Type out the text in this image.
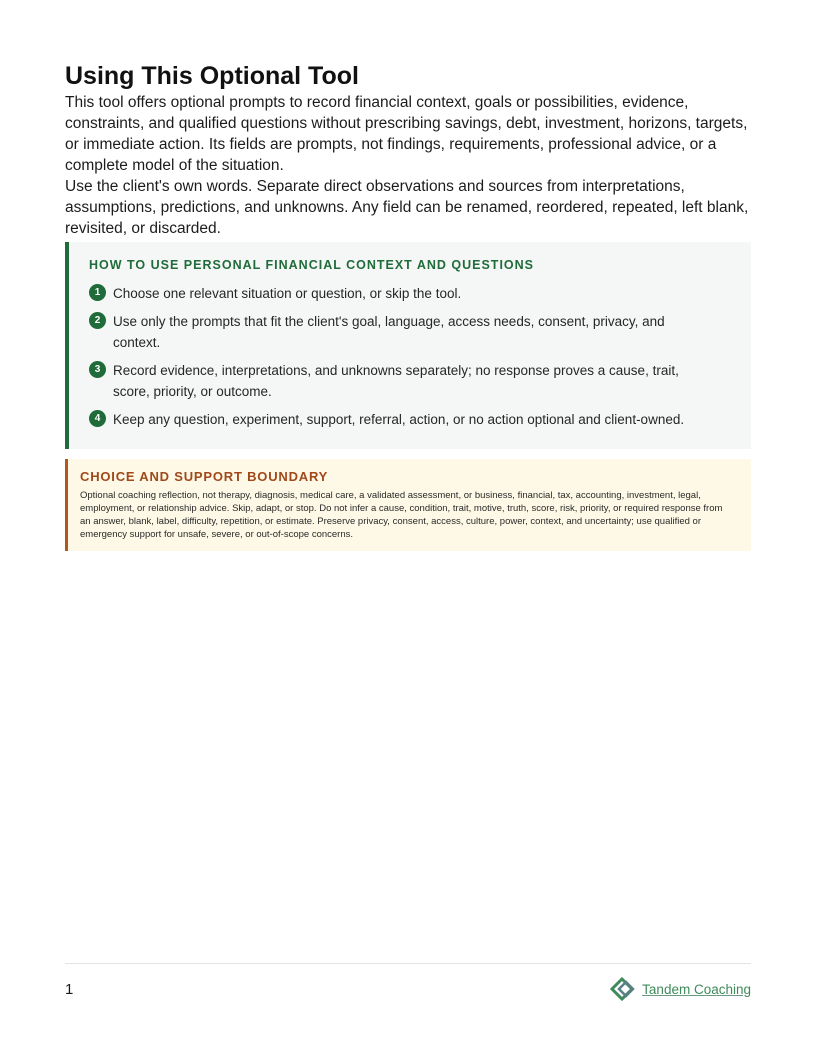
Using This Optional Tool

This tool offers optional prompts to record financial context, goals or possibilities, evidence, constraints, and qualified questions without prescribing savings, debt, investment, horizons, targets, or immediate action. Its fields are prompts, not findings, requirements, professional advice, or a complete model of the situation.

Use the client's own words. Separate direct observations and sources from interpretations, assumptions, predictions, and unknowns. Any field can be renamed, reordered, repeated, left blank, revisited, or discarded.

HOW TO USE PERSONAL FINANCIAL CONTEXT AND QUESTIONS
1 Choose one relevant situation or question, or skip the tool.
2 Use only the prompts that fit the client's goal, language, access needs, consent, privacy, and context.
3 Record evidence, interpretations, and unknowns separately; no response proves a cause, trait, score, priority, or outcome.
4 Keep any question, experiment, support, referral, action, or no action optional and client-owned.
CHOICE AND SUPPORT BOUNDARY

Optional coaching reflection, not therapy, diagnosis, medical care, a validated assessment, or business, financial, tax, accounting, investment, legal, employment, or relationship advice. Skip, adapt, or stop. Do not infer a cause, condition, trait, motive, truth, score, risk, priority, or required response from an answer, blank, label, difficulty, repetition, or estimate. Preserve privacy, consent, access, culture, power, context, and uncertainty; use qualified or emergency support for unsafe, severe, or out-of-scope concerns.

1	Tandem Coaching
